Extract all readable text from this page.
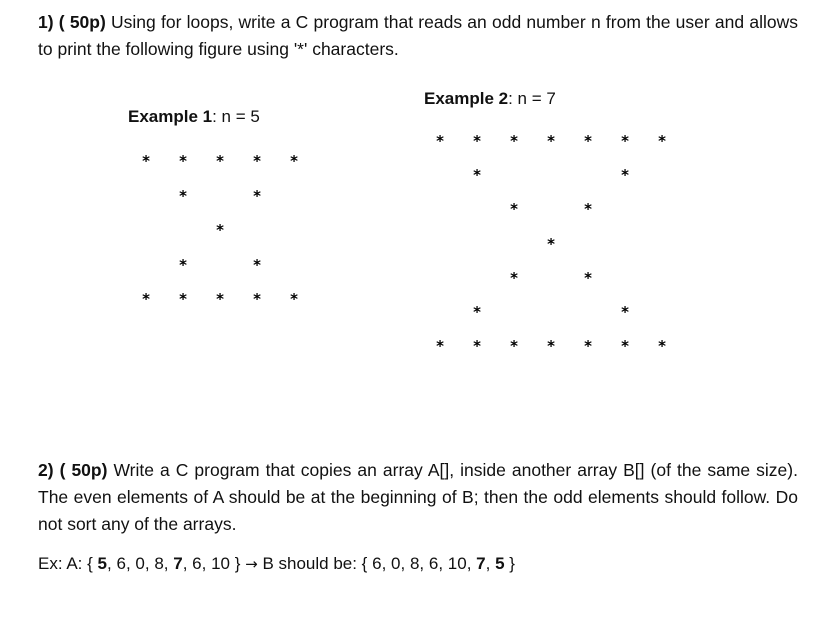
1) ( 50p) Using for loops, write a C program that reads an odd number n from the user and allows to print the following figure using '*' characters.
Example 1: n = 5
Example 2: n = 7
* * * * *
*	*
*
*	*
* * * * *
* * * * * * *
*	*
*	*
*
*	*
*	*
* * * * * * *
2) ( 50p) Write a C program that copies an array A[], inside another array B[] (of the same size). The even elements of A should be at the beginning of B; then the odd elements should follow. Do not sort any of the arrays.
Ex: A: { 5, 6, 0, 8, 7, 6, 10 } → B should be: { 6, 0, 8, 6, 10, 7, 5 }
